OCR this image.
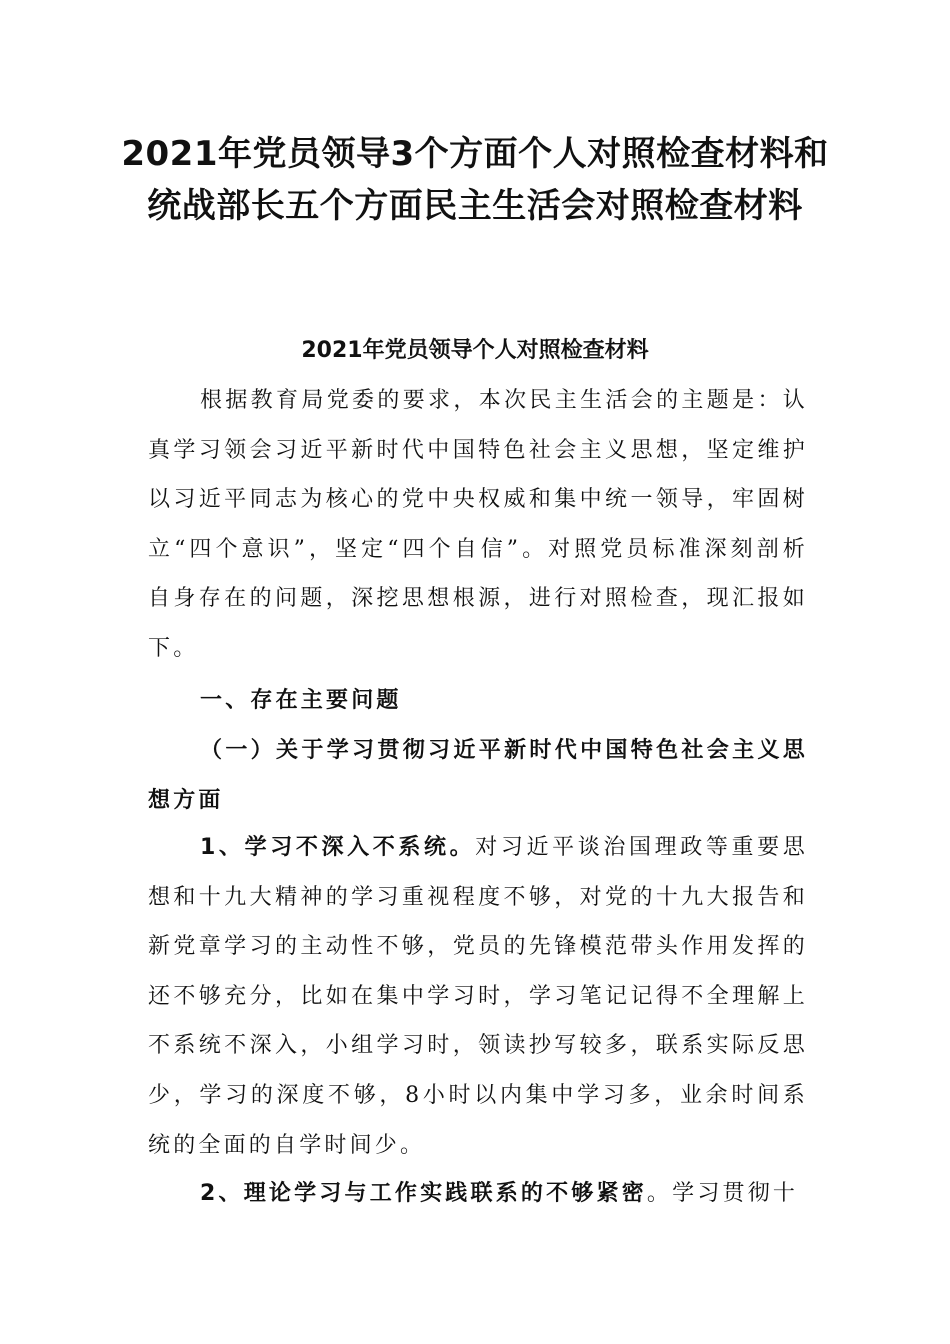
2021年党员领导3个方面个人对照检查材料和统战部长五个方面民主生活会对照检查材料
2021年党员领导个人对照检查材料

根据教育局党委的要求，本次民主生活会的主题是：认真学习领会习近平新时代中国特色社会主义思想，坚定维护以习近平同志为核心的党中央权威和集中统一领导，牢固树立“四个意识”，坚定“四个自信”。对照党员标准深刻剖析自身存在的问题，深挖思想根源，进行对照检查，现汇报如下。

一、存在主要问题

（一）关于学习贯彻习近平新时代中国特色社会主义思想方面

1、学习不深入不系统。对习近平谈治国理政等重要思想和十九大精神的学习重视程度不够，对党的十九大报告和新党章学习的主动性不够，党员的先锋模范带头作用发挥的还不够充分，比如在集中学习时，学习笔记记得不全理解上不系统不深入，小组学习时，领读抄写较多，联系实际反思少，学习的深度不够，8小时以内集中学习多，业余时间系统的全面的自学时间少。

2、理论学习与工作实践联系的不够紧密。学习贯彻十
